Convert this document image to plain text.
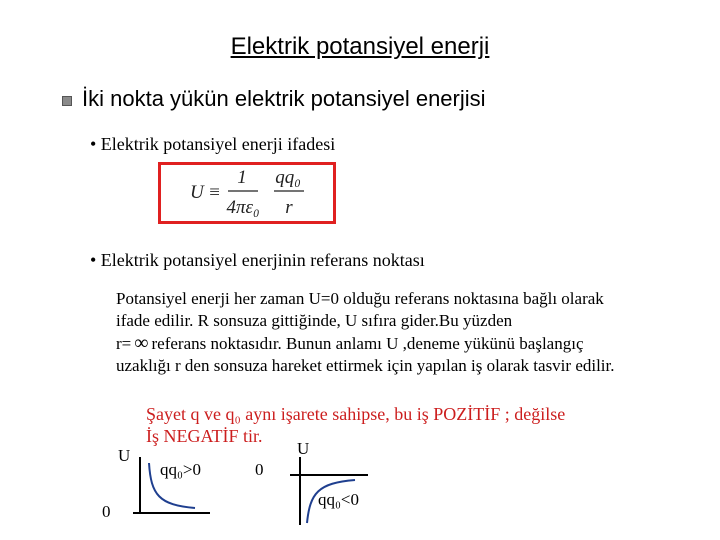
Elektrik potansiyel enerji
İki nokta yükün elektrik potansiyel enerjisi
• Elektrik potansiyel enerji ifadesi
U ≡
1
4πε₀
qq₀
r
• Elektrik potansiyel enerjinin referans noktası
Potansiyel enerji her zaman U=0 olduğu referans noktasına bağlı olarak
ifade edilir. R sonsuza gittiğinde, U sıfıra gider.Bu yüzden
r= ∞ referans noktasıdır. Bunun anlamı U ,deneme yükünü başlangıç
uzaklığı r den sonsuza hareket ettirmek için yapılan iş olarak tasvir edilir.
Şayet q ve q₀ aynı işarete sahipse, bu iş POZİTİF ; değilse
İş NEGATİF tir.
U
0
qq₀>0
U
0
qq₀<0
